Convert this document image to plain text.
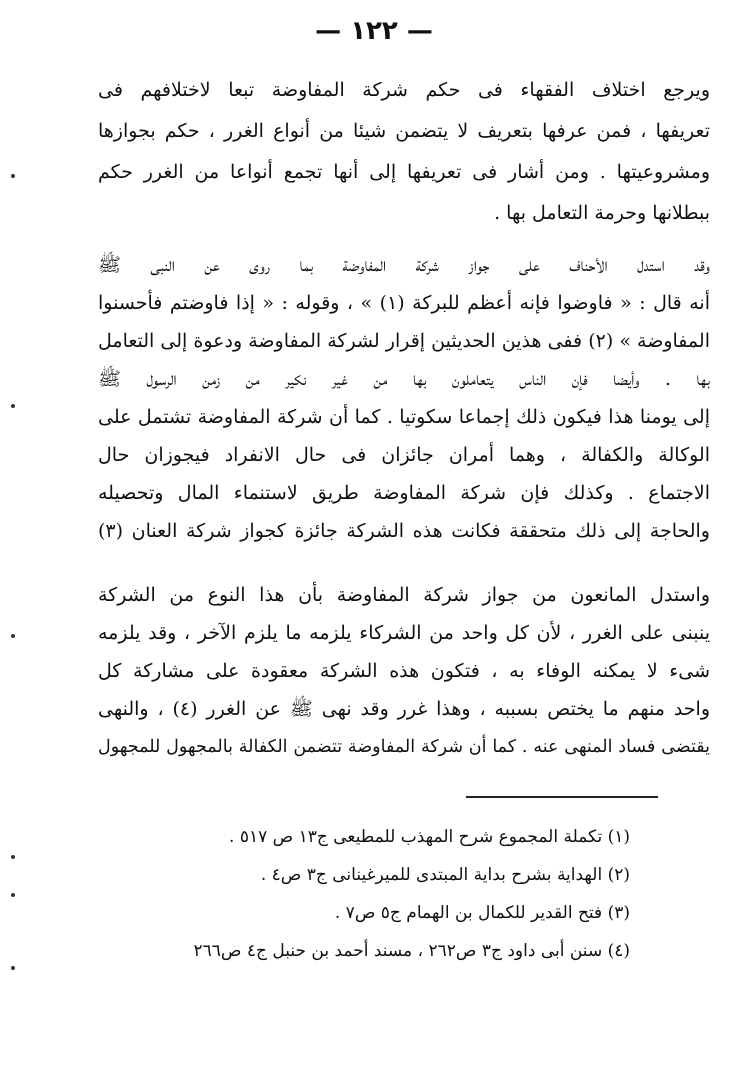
— ١٢٢ —
ويرجع اختلاف الفقهاء فى حكم شركة المفاوضة تبعا لاختلافهم فى
تعريفها ، فمن عرفها بتعريف لا يتضمن شيئا من أنواع الغرر ، حكم بجوازها
ومشروعيتها . ومن أشار فى تعريفها إلى أنها تجمع أنواعا من الغرر حكم
ببطلانها وحرمة التعامل بها .
وقد استدل الأحناف على جواز شركة المفاوضة بما روى عن النبى ﷺ
أنه قال : « فاوضوا فإنه أعظم للبركة (١) » ، وقوله : « إذا فاوضتم فأحسنوا
المفاوضة » (٢) ففى هذين الحديثين إقرار لشركة المفاوضة ودعوة إلى التعامل
بها . وأيضا فإن الناس يتعاملون بها من غير نكير من زمن الرسول ﷺ
إلى يومنا هذا فيكون ذلك إجماعا سكوتيا . كما أن شركة المفاوضة تشتمل على
الوكالة والكفالة ، وهما أمران جائزان فى حال الانفراد فيجوزان حال
الاجتماع . وكذلك فإن شركة المفاوضة طريق لاستنماء المال وتحصيله
والحاجة إلى ذلك متحققة فكانت هذه الشركة جائزة كجواز شركة العنان (٣)
واستدل المانعون من جواز شركة المفاوضة بأن هذا النوع من الشركة
ينبنى على الغرر ، لأن كل واحد من الشركاء يلزمه ما يلزم الآخر ، وقد يلزمه
شىء لا يمكنه الوفاء به ، فتكون هذه الشركة معقودة على مشاركة كل
واحد منهم ما يختص بسببه ، وهذا غرر وقد نهى ﷺ عن الغرر (٤) ، والنهى
يقتضى فساد المنهى عنه . كما أن شركة المفاوضة تتضمن الكفالة بالمجهول للمجهول
(١) تكملة المجموع شرح المهذب للمطيعى ج١٣ ص ٥١٧ .
(٢) الهداية بشرح بداية المبتدى للميرغينانى ج٣ ص٤ .
(٣) فتح القدير للكمال بن الهمام ج٥ ص٧ .
(٤) سنن أبى داود ج٣ ص٢٦٢ ، مسند أحمد بن حنبل ج٤ ص٢٦٦
